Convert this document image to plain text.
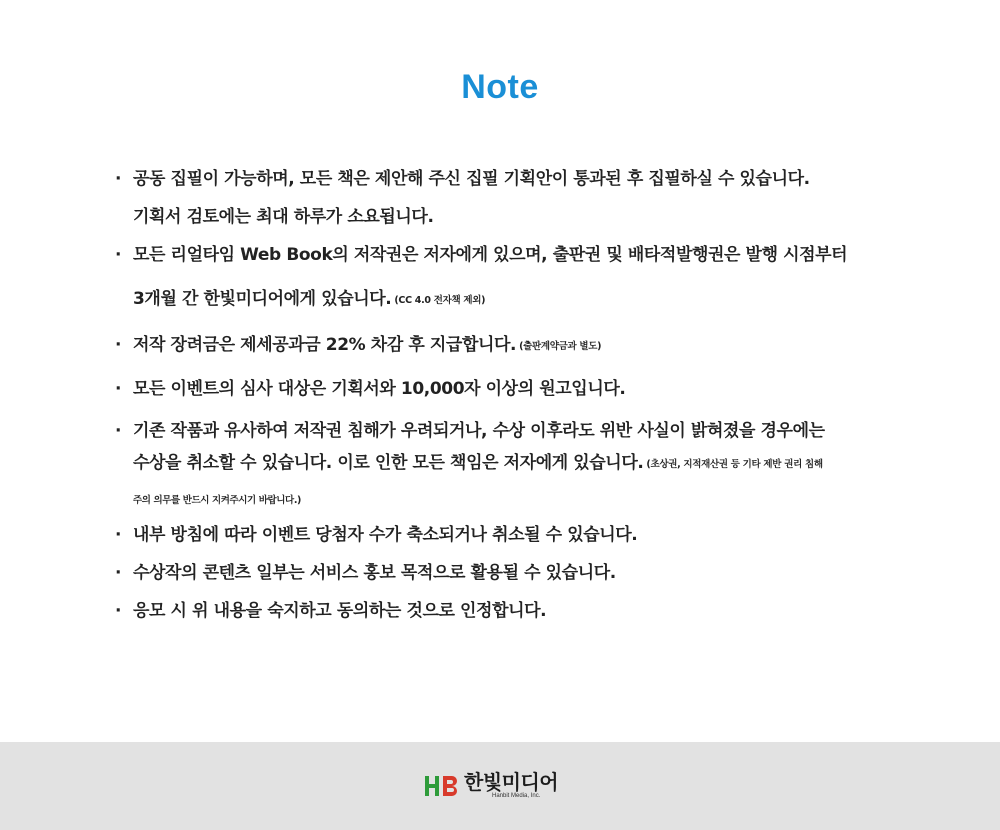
Note
· 공동 집필이 가능하며, 모든 책은 제안해 주신 집필 기획안이 통과된 후 집필하실 수 있습니다.
기획서 검토에는 최대 하루가 소요됩니다.
· 모든 리얼타임 Web Book의 저작권은 저자에게 있으며, 출판권 및 배타적발행권은 발행 시점부터
3개월 간 한빛미디어에게 있습니다. (CC 4.0 전자책 제외)
· 저작 장려금은 제세공과금 22% 차감 후 지급합니다. (출판계약금과 별도)
· 모든 이벤트의 심사 대상은 기획서와 10,000자 이상의 원고입니다.
· 기존 작품과 유사하여 저작권 침해가 우려되거나, 수상 이후라도 위반 사실이 밝혀졌을 경우에는
수상을 취소할 수 있습니다. 이로 인한 모든 책임은 저자에게 있습니다. (초상권, 지적재산권 등 기타 제반 권리 침해
주의 의무를 반드시 지켜주시기 바랍니다.)
· 내부 방침에 따라 이벤트 당첨자 수가 축소되거나 취소될 수 있습니다.
· 수상작의 콘텐츠 일부는 서비스 홍보 목적으로 활용될 수 있습니다.
· 응모 시 위 내용을 숙지하고 동의하는 것으로 인정합니다.
한빛미디어
Hanbit Media, Inc.
